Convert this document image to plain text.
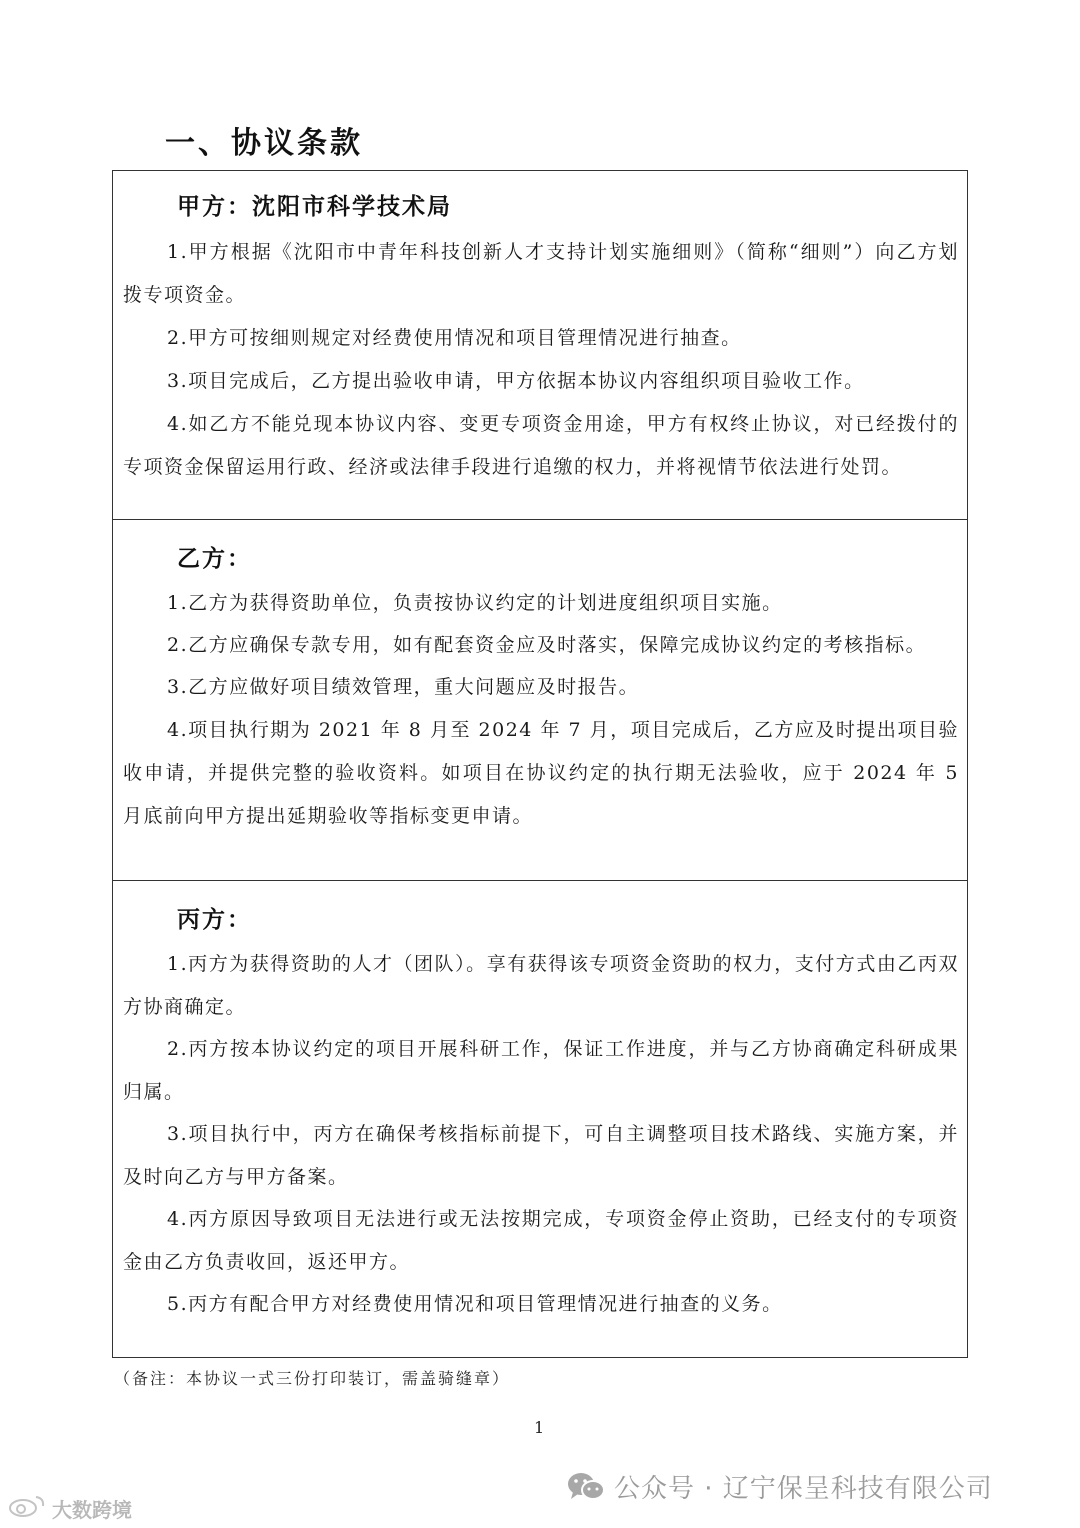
一、协议条款
甲方：沈阳市科学技术局

1.甲方根据《沈阳市中青年科技创新人才支持计划实施细则》（简称“细则”）向乙方划拨专项资金。

2.甲方可按细则规定对经费使用情况和项目管理情况进行抽查。

3.项目完成后，乙方提出验收申请，甲方依据本协议内容组织项目验收工作。

4.如乙方不能兑现本协议内容、变更专项资金用途，甲方有权终止协议，对已经拨付的专项资金保留运用行政、经济或法律手段进行追缴的权力，并将视情节依法进行处罚。

乙方：

1.乙方为获得资助单位，负责按协议约定的计划进度组织项目实施。

2.乙方应确保专款专用，如有配套资金应及时落实，保障完成协议约定的考核指标。

3.乙方应做好项目绩效管理，重大问题应及时报告。

4.项目执行期为 2021 年 8 月至 2024 年 7 月，项目完成后，乙方应及时提出项目验收申请，并提供完整的验收资料。如项目在协议约定的执行期无法验收，应于 2024 年 5 月底前向甲方提出延期验收等指标变更申请。

丙方：

1.丙方为获得资助的人才（团队）。享有获得该专项资金资助的权力，支付方式由乙丙双方协商确定。

2.丙方按本协议约定的项目开展科研工作，保证工作进度，并与乙方协商确定科研成果归属。

3.项目执行中，丙方在确保考核指标前提下，可自主调整项目技术路线、实施方案，并及时向乙方与甲方备案。

4.丙方原因导致项目无法进行或无法按期完成，专项资金停止资助，已经支付的专项资金由乙方负责收回，返还甲方。

5.丙方有配合甲方对经费使用情况和项目管理情况进行抽查的义务。

（备注：本协议一式三份打印装订，需盖骑缝章）
1
公众号 · 辽宁保呈科技有限公司
大数跨境
